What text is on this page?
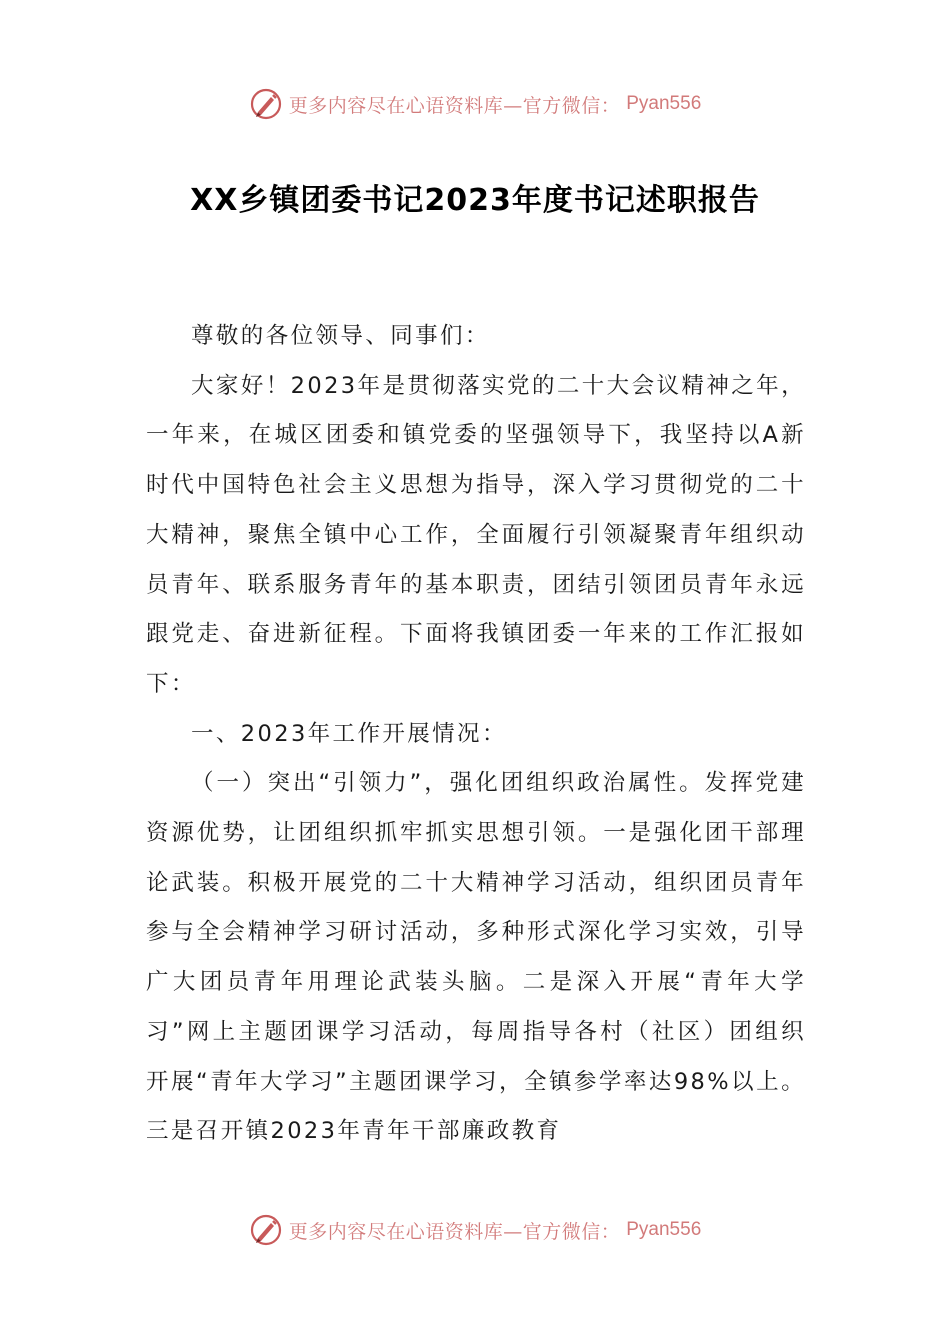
更多内容尽在心语资料库—官方微信： Pyan556
XX乡镇团委书记2023年度书记述职报告

尊敬的各位领导、同事们：

大家好！2023年是贯彻落实党的二十大会议精神之年，一年来，在城区团委和镇党委的坚强领导下，我坚持以A新时代中国特色社会主义思想为指导，深入学习贯彻党的二十大精神，聚焦全镇中心工作，全面履行引领凝聚青年组织动员青年、联系服务青年的基本职责，团结引领团员青年永远跟党走、奋进新征程。下面将我镇团委一年来的工作汇报如下：

一、2023年工作开展情况：

（一）突出“引领力”，强化团组织政治属性。发挥党建资源优势，让团组织抓牢抓实思想引领。一是强化团干部理论武装。积极开展党的二十大精神学习活动，组织团员青年参与全会精神学习研讨活动，多种形式深化学习实效，引导广大团员青年用理论武装头脑。二是深入开展“青年大学习”网上主题团课学习活动，每周指导各村（社区）团组织开展“青年大学习”主题团课学习，全镇参学率达98%以上。三是召开镇2023年青年干部廉政教育

更多内容尽在心语资料库—官方微信： Pyan556
